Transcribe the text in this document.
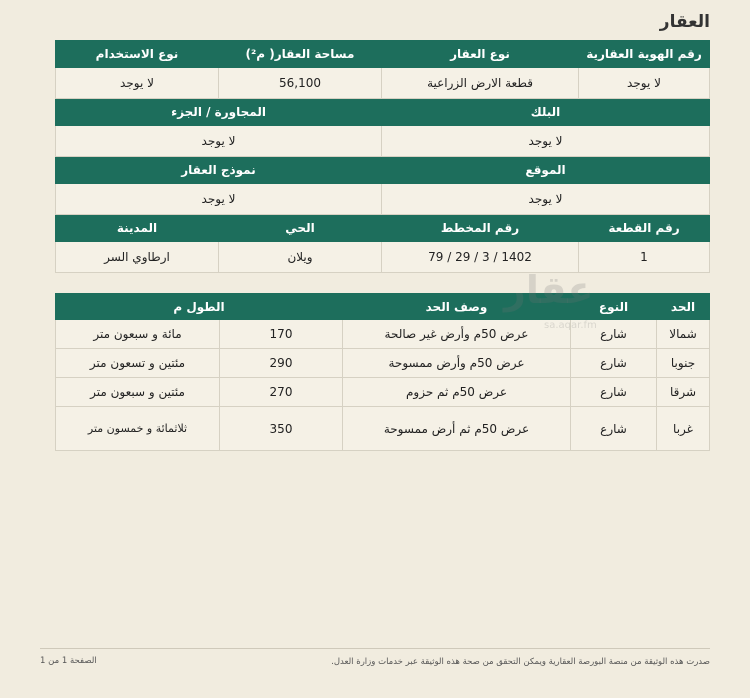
العقار
رقم الهوية العقارية	نوع العقار	مساحة العقار( م²)	نوع الاستخدام
لا يوجد	قطعة الارض الزراعية	56,100	لا يوجد
البلك		المجاورة / الجزء	
لا يوجد		لا يوجد	
الموقع		نموذج العقار	
لا يوجد		لا يوجد	
رقم القطعة	رقم المخطط	الحي	المدينة
1	1402 / 3 / 29 / 79	ويلان	ارطاوي السر
الحد	النوع	وصف الحد	الطول م	
شمالا	شارع	عرض 50م وأرض غير صالحة	170	مائة و سبعون متر
جنوبا	شارع	عرض 50م وأرض ممسوحة	290	مئتين و تسعون متر
شرقا	شارع	عرض 50م ثم حزوم	270	مئتين و سبعون متر
غربا	شارع	عرض 50م ثم أرض ممسوحة	350	ثلاثمائة و خمسون متر
عقار
sa.aqar.fm
صدرت هذه الوثيقة من منصة البورصة العقارية ويمكن التحقق من صحة هذه الوثيقة عبر خدمات وزارة العدل.
الصفحة 1 من 1
